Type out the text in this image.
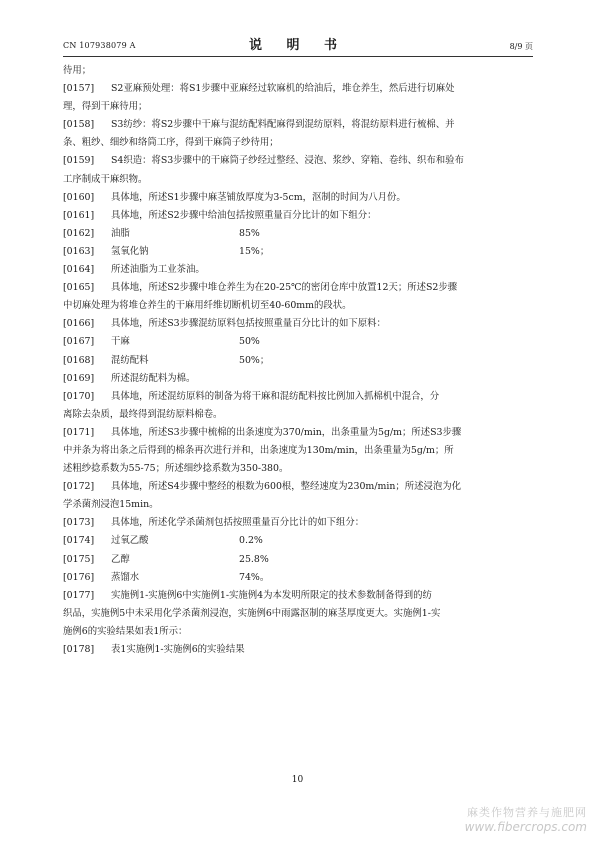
CN 107938079 A	说 明 书	8/9 页
待用；
[0157]	S2亚麻预处理：将S1步骤中亚麻经过软麻机的给油后，堆仓养生，然后进行切麻处
理，得到干麻待用；
[0158]	S3纺纱：将S2步骤中干麻与混纺配料配麻得到混纺原料，将混纺原料进行梳棉、并
条、粗纱、细纱和络筒工序，得到干麻筒子纱待用；
[0159]	S4织造：将S3步骤中的干麻筒子纱经过整经、浸泡、浆纱、穿箱、卷纬、织布和验布
工序制成干麻织物。
[0160]	具体地，所述S1步骤中麻茎铺放厚度为3-5cm，沤制的时间为八月份。
[0161]	具体地，所述S2步骤中给油包括按照重量百分比计的如下组分：
[0162]	油脂	85%
[0163]	氢氧化钠	15%；
[0164]	所述油脂为工业茶油。
[0165]	具体地，所述S2步骤中堆仓养生为在20-25℃的密闭仓库中放置12天；所述S2步骤
中切麻处理为将堆仓养生的干麻用纤维切断机切至40-60mm的段状。
[0166]	具体地，所述S3步骤混纺原料包括按照重量百分比计的如下原料：
[0167]	干麻	50%
[0168]	混纺配料	50%；
[0169]	所述混纺配料为棉。
[0170]	具体地，所述混纺原料的制备为将干麻和混纺配料按比例加入抓棉机中混合，分
离除去杂质，最终得到混纺原料棉卷。
[0171]	具体地，所述S3步骤中梳棉的出条速度为370/min，出条重量为5g/m；所述S3步骤
中并条为将出条之后得到的棉条再次进行并和，出条速度为130m/min，出条重量为5g/m；所
述粗纱捻系数为55-75；所述细纱捻系数为350-380。
[0172]	具体地，所述S4步骤中整经的根数为600根，整经速度为230m/min；所述浸泡为化
学杀菌剂浸泡15min。
[0173]	具体地，所述化学杀菌剂包括按照重量百分比计的如下组分：
[0174]	过氧乙酸	0.2%
[0175]	乙醇	25.8%
[0176]	蒸馏水	74%。
[0177]	实施例1-实施例6中实施例1-实施例4为本发明所限定的技术参数制备得到的纺
织品，实施例5中未采用化学杀菌剂浸泡，实施例6中雨露沤制的麻茎厚度更大。实施例1-实
施例6的实验结果如表1所示：
[0178]	表1实施例1-实施例6的实验结果
10
麻类作物营养与施肥网
www.fibercrops.com
